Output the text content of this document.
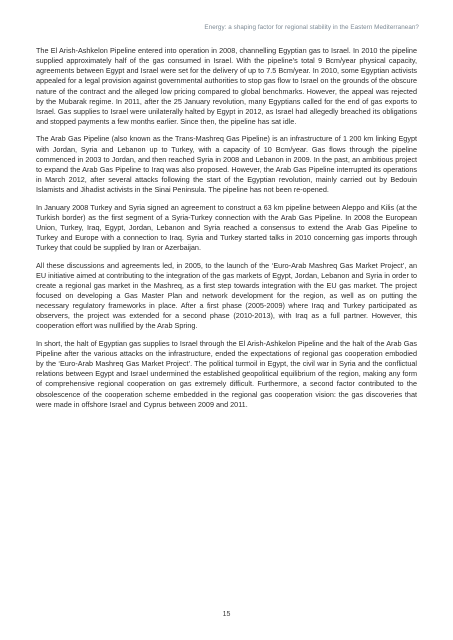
Energy: a shaping factor for regional stability in the Eastern Mediterranean?

The El Arish-Ashkelon Pipeline entered into operation in 2008, channelling Egyptian gas to Israel. In 2010 the pipeline supplied approximately half of the gas consumed in Israel. With the pipeline’s total 9 Bcm/year physical capacity, agreements between Egypt and Israel were set for the delivery of up to 7.5 Bcm/year. In 2010, some Egyptian activists appealed for a legal provision against governmental authorities to stop gas flow to Israel on the grounds of the obscure nature of the contract and the alleged low pricing compared to global benchmarks. However, the appeal was rejected by the Mubarak regime. In 2011, after the 25 January revolution, many Egyptians called for the end of gas exports to Israel. Gas supplies to Israel were unilaterally halted by Egypt in 2012, as Israel had allegedly breached its obligations and stopped payments a few months earlier. Since then, the pipeline has sat idle.

The Arab Gas Pipeline (also known as the Trans-Mashreq Gas Pipeline) is an infrastructure of 1 200 km linking Egypt with Jordan, Syria and Lebanon up to Turkey, with a capacity of 10 Bcm/year. Gas flows through the pipeline commenced in 2003 to Jordan, and then reached Syria in 2008 and Lebanon in 2009. In the past, an ambitious project to expand the Arab Gas Pipeline to Iraq was also proposed. However, the Arab Gas Pipeline interrupted its operations in March 2012, after several attacks following the start of the Egyptian revolution, mainly carried out by Bedouin Islamists and Jihadist activists in the Sinai Peninsula. The pipeline has not been re-opened.

In January 2008 Turkey and Syria signed an agreement to construct a 63 km pipeline between Aleppo and Kilis (at the Turkish border) as the first segment of a Syria-Turkey connection with the Arab Gas Pipeline. In 2008 the European Union, Turkey, Iraq, Egypt, Jordan, Lebanon and Syria reached a consensus to extend the Arab Gas Pipeline to Turkey and Europe with a connection to Iraq. Syria and Turkey started talks in 2010 concerning gas imports through Turkey that could be supplied by Iran or Azerbaijan.

All these discussions and agreements led, in 2005, to the launch of the ‘Euro-Arab Mashreq Gas Market Project’, an EU initiative aimed at contributing to the integration of the gas markets of Egypt, Jordan, Lebanon and Syria in order to create a regional gas market in the Mashreq, as a first step towards integration with the EU gas market. The project focused on developing a Gas Master Plan and network development for the region, as well as on putting the necessary regulatory frameworks in place. After a first phase (2005-2009) where Iraq and Turkey participated as observers, the project was extended for a second phase (2010-2013), with Iraq as a full partner. However, this cooperation effort was nullified by the Arab Spring.

In short, the halt of Egyptian gas supplies to Israel through the El Arish-Ashkelon Pipeline and the halt of the Arab Gas Pipeline after the various attacks on the infrastructure, ended the expectations of regional gas cooperation embodied by the ‘Euro-Arab Mashreq Gas Market Project’. The political turmoil in Egypt, the civil war in Syria and the conflictual relations between Egypt and Israel undermined the established geopolitical equilibrium of the region, making any form of comprehensive regional cooperation on gas extremely difficult. Furthermore, a second factor contributed to the obsolescence of the cooperation scheme embedded in the regional gas cooperation vision: the gas discoveries that were made in offshore Israel and Cyprus between 2009 and 2011.

15
